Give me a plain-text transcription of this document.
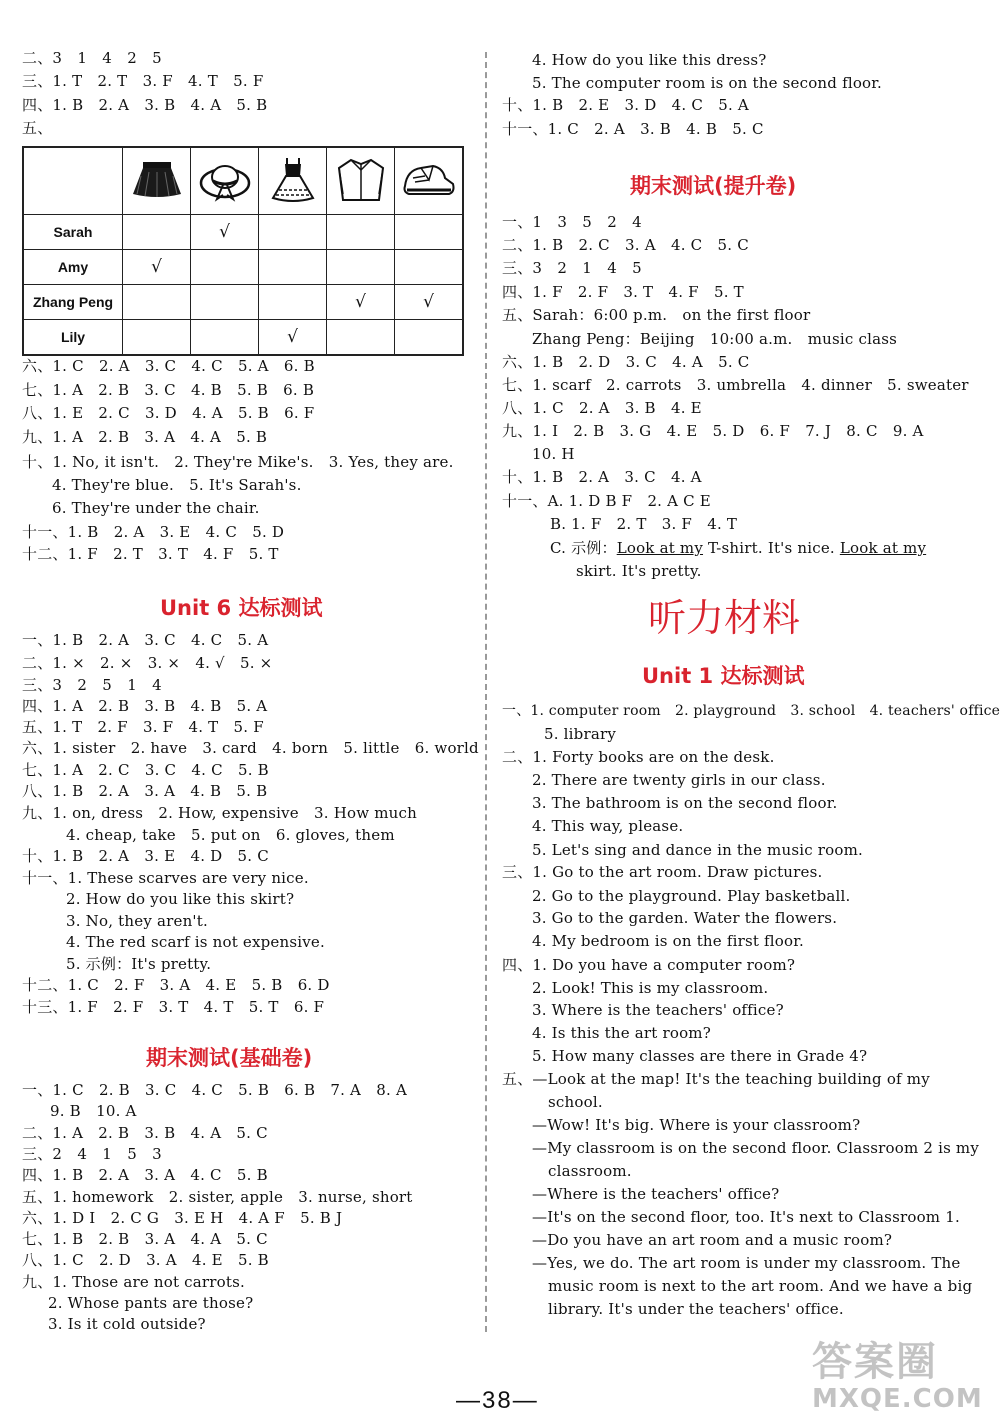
二、3　1　4　2　5
三、1. T　2. T　3. F　4. T　5. F
四、1. B　2. A　3. B　4. A　5. B
五、

Sarah		√			
Amy	√				
Zhang Peng				√	√
Lily			√		
六、1. C　2. A　3. C　4. C　5. A　6. B
七、1. A　2. B　3. C　4. B　5. B　6. B
八、1. E　2. C　3. D　4. A　5. B　6. F
九、1. A　2. B　3. A　4. A　5. B
十、1. No, it isn't.　2. They're Mike's.　3. Yes, they are.
4. They're blue.　5. It's Sarah's.
6. They're under the chair.
十一、1. B　2. A　3. E　4. C　5. D
十二、1. F　2. T　3. T　4. F　5. T
Unit 6 达标测试
一、1. B　2. A　3. C　4. C　5. A
二、1. ×　2. ×　3. ×　4. √　5. ×
三、3　2　5　1　4
四、1. A　2. B　3. B　4. B　5. A
五、1. T　2. F　3. F　4. T　5. F
六、1. sister　2. have　3. card　4. born　5. little　6. world
七、1. A　2. C　3. C　4. C　5. B
八、1. B　2. A　3. A　4. B　5. B
九、1. on, dress　2. How, expensive　3. How much
4. cheap, take　5. put on　6. gloves, them
十、1. B　2. A　3. E　4. D　5. C
十一、1. These scarves are very nice.
2. How do you like this skirt?
3. No, they aren't.
4. The red scarf is not expensive.
5. 示例：It's pretty.
十二、1. C　2. F　3. A　4. E　5. B　6. D
十三、1. F　2. F　3. T　4. T　5. T　6. F
期末测试(基础卷)
一、1. C　2. B　3. C　4. C　5. B　6. B　7. A　8. A
9. B　10. A
二、1. A　2. B　3. B　4. A　5. C
三、2　4　1　5　3
四、1. B　2. A　3. A　4. C　5. B
五、1. homework　2. sister, apple　3. nurse, short
六、1. D I　2. C G　3. E H　4. A F　5. B J
七、1. B　2. B　3. A　4. A　5. C
八、1. C　2. D　3. A　4. E　5. B
九、1. Those are not carrots.
2. Whose pants are those?
3. Is it cold outside?
4. How do you like this dress?
5. The computer room is on the second floor.
十、1. B　2. E　3. D　4. C　5. A
十一、1. C　2. A　3. B　4. B　5. C
期末测试(提升卷)
一、1　3　5　2　4
二、1. B　2. C　3. A　4. C　5. C
三、3　2　1　4　5
四、1. F　2. F　3. T　4. F　5. T
五、Sarah：6:00 p.m.　on the first floor
Zhang Peng：Beijing　10:00 a.m.　music class
六、1. B　2. D　3. C　4. A　5. C
七、1. scarf　2. carrots　3. umbrella　4. dinner　5. sweater
八、1. C　2. A　3. B　4. E
九、1. I　2. B　3. G　4. E　5. D　6. F　7. J　8. C　9. A
10. H
十、1. B　2. A　3. C　4. A
十一、A. 1. D B F　2. A C E
B. 1. F　2. T　3. F　4. T
C. 示例：Look at my T-shirt. It's nice. Look at my
skirt. It's pretty.
听力材料
Unit 1 达标测试
一、1. computer room　2. playground　3. school　4. teachers' office
5. library
二、1. Forty books are on the desk.
2. There are twenty girls in our class.
3. The bathroom is on the second floor.
4. This way, please.
5. Let's sing and dance in the music room.
三、1. Go to the art room. Draw pictures.
2. Go to the playground. Play basketball.
3. Go to the garden. Water the flowers.
4. My bedroom is on the first floor.
四、1. Do you have a computer room?
2. Look! This is my classroom.
3. Where is the teachers' office?
4. Is this the art room?
5. How many classes are there in Grade 4?
五、—Look at the map! It's the teaching building of my
school.
—Wow! It's big. Where is your classroom?
—My classroom is on the second floor. Classroom 2 is my
classroom.
—Where is the teachers' office?
—It's on the second floor, too. It's next to Classroom 1.
—Do you have an art room and a music room?
—Yes, we do. The art room is under my classroom. The
music room is next to the art room. And we have a big
library. It's under the teachers' office.
—38—
答案圈
MXQE.COM
